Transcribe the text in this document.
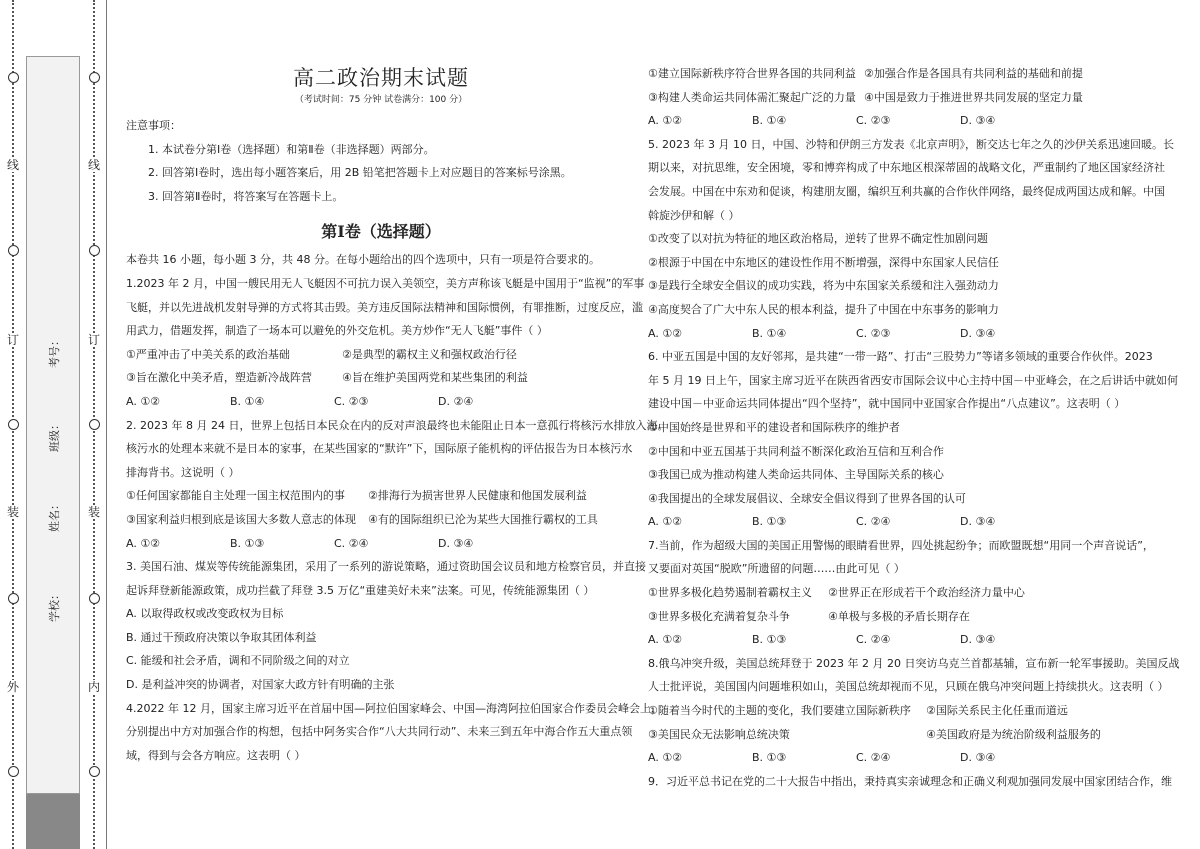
线
订
装
外
考号：
班级：
姓名：
学校：
线
订
装
内

高二政治期末试题

（考试时间：75 分钟 试卷满分：100 分）

注意事项：

1. 本试卷分第Ⅰ卷（选择题）和第Ⅱ卷（非选择题）两部分。

2. 回答第Ⅰ卷时，选出每小题答案后，用 2B 铅笔把答题卡上对应题目的答案标号涂黑。

3. 回答第Ⅱ卷时，将答案写在答题卡上。

第Ⅰ卷（选择题）

本卷共 16 小题，每小题 3 分，共 48 分。在每小题给出的四个选项中，只有一项是符合要求的。

1.2023 年 2 月，中国一艘民用无人飞艇因不可抗力误入美领空，美方声称该飞艇是中国用于“监视”的军事

飞艇，并以先进战机发射导弹的方式将其击毁。美方违反国际法精神和国际惯例，有罪推断，过度反应，滥

用武力，借题发挥，制造了一场本可以避免的外交危机。美方炒作“无人飞艇”事件（ ）

①严重冲击了中美关系的政治基础	②是典型的霸权主义和强权政治行径
③旨在激化中美矛盾，塑造新冷战阵营	④旨在维护美国两党和某些集团的利益
A. ①②	B. ①④	C. ②③	D. ②④

2. 2023 年 8 月 24 日，世界上包括日本民众在内的反对声浪最终也未能阻止日本一意孤行将核污水排放入海。

核污水的处理本来就不是日本的家事，在某些国家的“默许”下，国际原子能机构的评估报告为日本核污水

排海背书。这说明（ ）

①任何国家都能自主处理一国主权范围内的事	②排海行为损害世界人民健康和他国发展利益
③国家利益归根到底是该国大多数人意志的体现	④有的国际组织已沦为某些大国推行霸权的工具
A. ①②	B. ①③	C. ②④	D. ③④

3. 美国石油、煤炭等传统能源集团，采用了一系列的游说策略，通过资助国会议员和地方检察官员，并直接

起诉拜登新能源政策，成功拦截了拜登 3.5 万亿“重建美好未来”法案。可见，传统能源集团（ ）

A. 以取得政权或改变政权为目标

B. 通过干预政府决策以争取其团体利益

C. 能缓和社会矛盾，调和不同阶级之间的对立

D. 是利益冲突的协调者，对国家大政方针有明确的主张

4.2022 年 12 月，国家主席习近平在首届中国—阿拉伯国家峰会、中国—海湾阿拉伯国家合作委员会峰会上，

分别提出中方对加强合作的构想，包括中阿务实合作“八大共同行动”、未来三到五年中海合作五大重点领

域，得到与会各方响应。这表明（ ）

①建立国际新秩序符合世界各国的共同利益 ②加强合作是各国具有共同利益的基础和前提
③构建人类命运共同体需汇聚起广泛的力量 ④中国是致力于推进世界共同发展的坚定力量
A. ①②	B. ①④	C. ②③	D. ③④

5. 2023 年 3 月 10 日，中国、沙特和伊朗三方发表《北京声明》，断交达七年之久的沙伊关系迅速回暖。长

期以来，对抗思维，安全困境，零和博弈构成了中东地区根深蒂固的战略文化，严重制约了地区国家经济社

会发展。中国在中东劝和促谈，构建朋友圈，编织互利共赢的合作伙伴网络，最终促成两国达成和解。中国

斡旋沙伊和解（ ）

①改变了以对抗为特征的地区政治格局，逆转了世界不确定性加剧问题

②根源于中国在中东地区的建设性作用不断增强，深得中东国家人民信任

③是践行全球安全倡议的成功实践，将为中东国家关系缓和注入强劲动力

④高度契合了广大中东人民的根本利益，提升了中国在中东事务的影响力

A. ①②	B. ①④	C. ②③	D. ③④

6. 中亚五国是中国的友好邻邦，是共建“一带一路”、打击“三股势力”等诸多领域的重要合作伙伴。2023

年 5 月 19 日上午，国家主席习近平在陕西省西安市国际会议中心主持中国－中亚峰会，在之后讲话中就如何

建设中国－中亚命运共同体提出“四个坚持”，就中国同中亚国家合作提出“八点建议”。这表明（ ）

①中国始终是世界和平的建设者和国际秩序的维护者

②中国和中亚五国基于共同利益不断深化政治互信和互利合作

③我国已成为推动构建人类命运共同体、主导国际关系的核心

④我国提出的全球发展倡议、全球安全倡议得到了世界各国的认可

A. ①②	B. ①③	C. ②④	D. ③④

7.当前，作为超级大国的美国正用警惕的眼睛看世界，四处挑起纷争；而欧盟既想“用同一个声音说话”，

又要面对英国“脱欧”所遗留的问题……由此可见（ ）

①世界多极化趋势遏制着霸权主义	②世界正在形成若干个政治经济力量中心
③世界多极化充满着复杂斗争	④单极与多极的矛盾长期存在
A. ①②	B. ①③	C. ②④	D. ③④

8.俄乌冲突升级，美国总统拜登于 2023 年 2 月 20 日突访乌克兰首都基辅，宣布新一轮军事援助。美国反战

人士批评说，美国国内问题堆积如山，美国总统却视而不见，只顾在俄乌冲突问题上持续拱火。这表明（ ）

①随着当今时代的主题的变化，我们要建立国际新秩序	②国际关系民主化任重而道远
③美国民众无法影响总统决策	④美国政府是为统治阶级利益服务的
A. ①②	B. ①③	C. ②④	D. ③④

9．习近平总书记在党的二十大报告中指出，秉持真实亲诚理念和正确义利观加强同发展中国家团结合作，维
